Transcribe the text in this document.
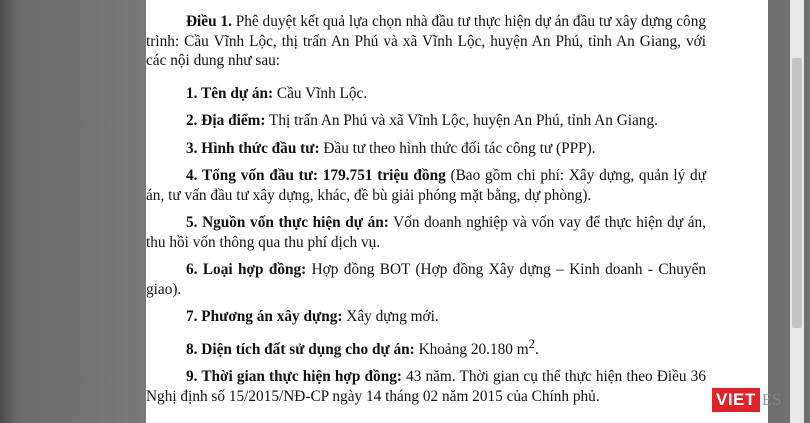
Điều 1. Phê duyệt kết quả lựa chọn nhà đầu tư thực hiện dự án đầu tư xây dựng công trình: Cầu Vĩnh Lộc, thị trấn An Phú và xã Vĩnh Lộc, huyện An Phú, tỉnh An Giang, với các nội dung như sau:

1. Tên dự án: Cầu Vĩnh Lộc.

2. Địa điểm: Thị trấn An Phú và xã Vĩnh Lộc, huyện An Phú, tỉnh An Giang.

3. Hình thức đầu tư: Đầu tư theo hình thức đối tác công tư (PPP).

4. Tổng vốn đầu tư: 179.751 triệu đồng (Bao gồm chi phí: Xây dựng, quản lý dự án, tư vấn đầu tư xây dựng, khác, đề bù giải phóng mặt bằng, dự phòng).

5. Nguồn vốn thực hiện dự án: Vốn doanh nghiệp và vốn vay để thực hiện dự án, thu hồi vốn thông qua thu phí dịch vụ.

6. Loại hợp đồng: Hợp đồng BOT (Hợp đồng Xây dựng – Kinh doanh - Chuyển giao).

7. Phương án xây dựng: Xây dựng mới.

8. Diện tích đất sử dụng cho dự án: Khoảng 20.180 $m^2$.

9. Thời gian thực hiện hợp đồng: 43 năm. Thời gian cụ thể thực hiện theo Điều 36 Nghị định số 15/2015/NĐ-CP ngày 14 tháng 02 năm 2015 của Chính phủ.	VIET ES
